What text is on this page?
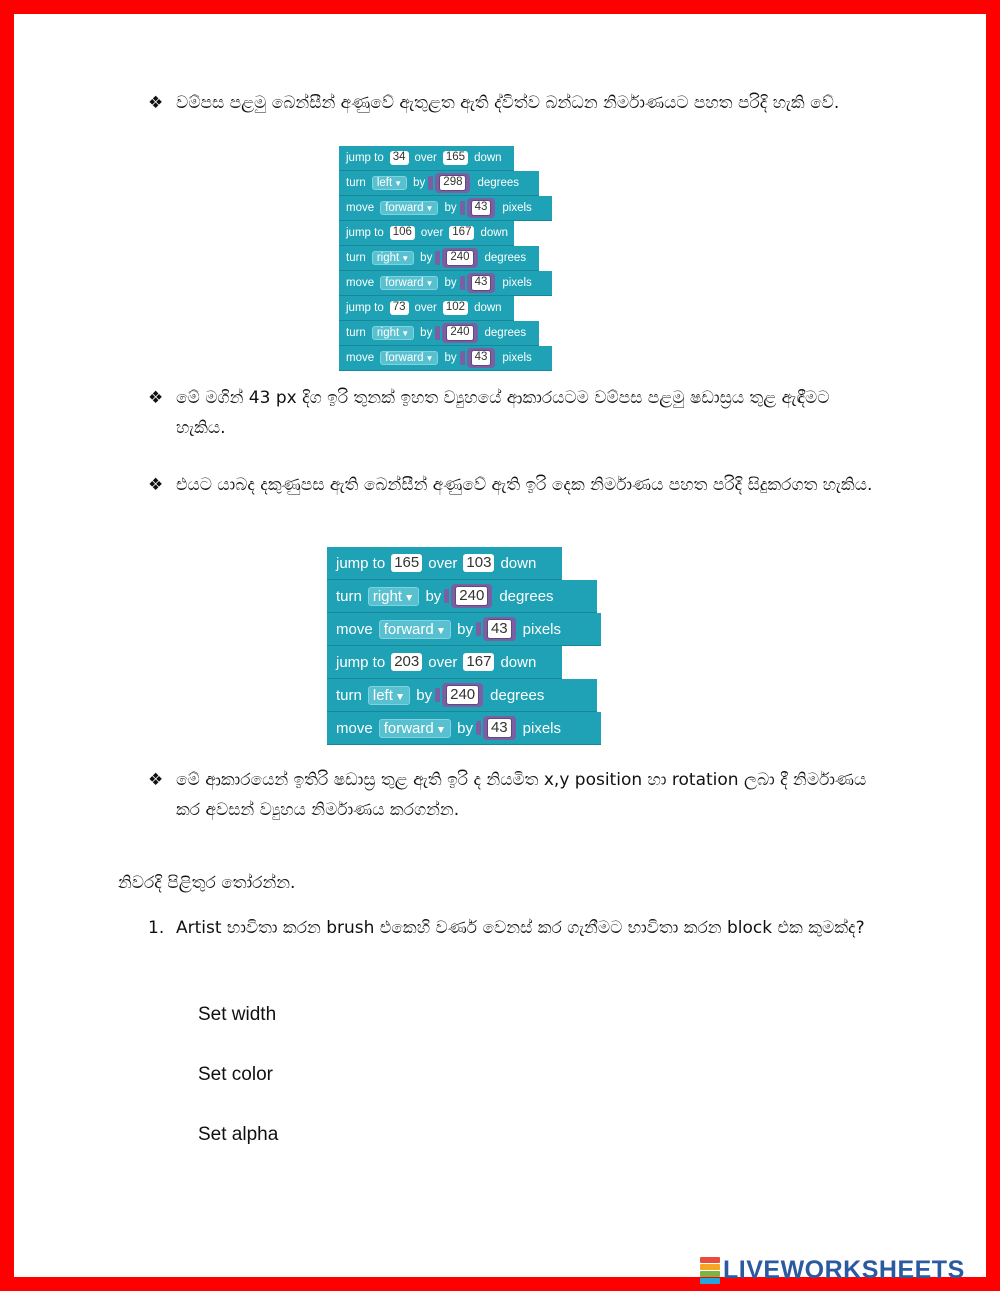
❖ වම්පස පළමු බෙන්සීන් අණුවේ ඇතුළත ඇති ද්විත්ව බන්ධන නිර්මාණයට පහත පරිදි හැකි වේ.
jump to 34 over 165 down
turn left ▼ by	298	degrees
move forward ▼ by	43	pixels
jump to 106 over 167 down
turn right ▼ by	240	degrees
move forward ▼ by	43	pixels
jump to 73 over 102 down
turn right ▼ by	240	degrees
move forward ▼ by	43	pixels
❖ මේ මගින් 43 px දිග ඉරි තුනක් ඉහත ව්‍යුහයේ ආකාරයටම වම්පස පළමු ෂඩාස්‍රය තුළ ඇඳීමට හැකිය.
❖ එයට යාබද දකුණුපස ඇති බෙන්සීන් අණුවේ ඇති ඉරි දෙක නිර්මාණය පහත පරිදි සිදුකරගත හැකිය.
jump to 165 over 103 down
turn right ▼ by 240 degrees
move forward ▼ by 43 pixels
jump to 203 over 167 down
turn left ▼ by 240 degrees
move forward ▼ by 43 pixels
❖ මේ ආකාරයෙන් ඉතිරි ෂඩාස්‍ර තුළ ඇති ඉරි ද නියමිත x,y position හා rotation ලබා දී නිර්මාණය කර අවසන් ව්‍යුහය නිර්මාණය කරගන්න.
නිවරදි පිළිතුර තෝරන්න.
1. Artist භාවිතා කරන brush එකෙහි වර්ණ වෙනස් කර ගැනීමට භාවිතා කරන block එක කුමක්ද?
Set width
Set color
Set alpha
LIVEWORKSHEETS
